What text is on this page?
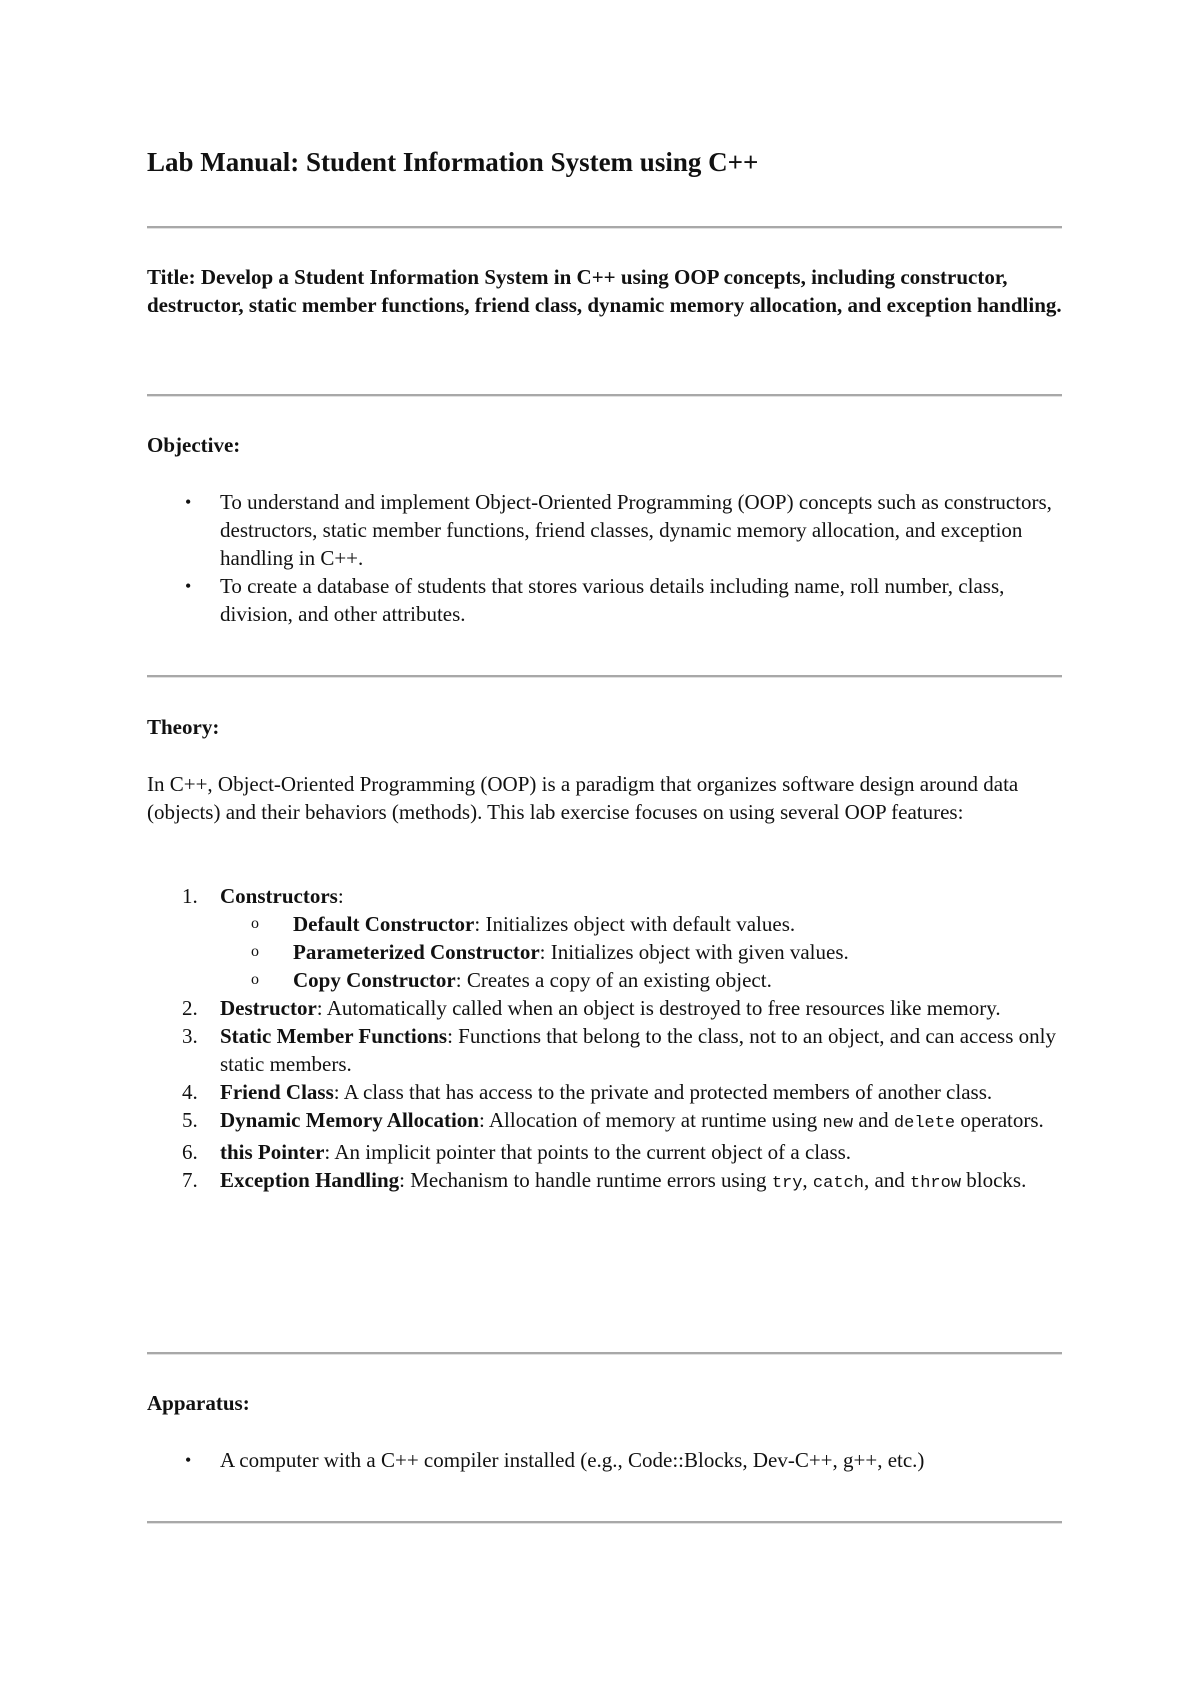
Lab Manual: Student Information System using C++

Title: Develop a Student Information System in C++ using OOP concepts, including constructor, destructor, static member functions, friend class, dynamic memory allocation, and exception handling.

Objective:
• To understand and implement Object-Oriented Programming (OOP) concepts such as constructors, destructors, static member functions, friend classes, dynamic memory allocation, and exception handling in C++.
• To create a database of students that stores various details including name, roll number, class, division, and other attributes.
Theory:

In C++, Object-Oriented Programming (OOP) is a paradigm that organizes software design around data (objects) and their behaviors (methods). This lab exercise focuses on using several OOP features:

1. Constructors:
o Default Constructor: Initializes object with default values.
o Parameterized Constructor: Initializes object with given values.
o Copy Constructor: Creates a copy of an existing object.
2. Destructor: Automatically called when an object is destroyed to free resources like memory.
3. Static Member Functions: Functions that belong to the class, not to an object, and can access only static members.
4. Friend Class: A class that has access to the private and protected members of another class.
5. Dynamic Memory Allocation: Allocation of memory at runtime using new and delete operators.
6. this Pointer: An implicit pointer that points to the current object of a class.
7. Exception Handling: Mechanism to handle runtime errors using try, catch, and throw blocks.
Apparatus:
• A computer with a C++ compiler installed (e.g., Code::Blocks, Dev-C++, g++, etc.)
